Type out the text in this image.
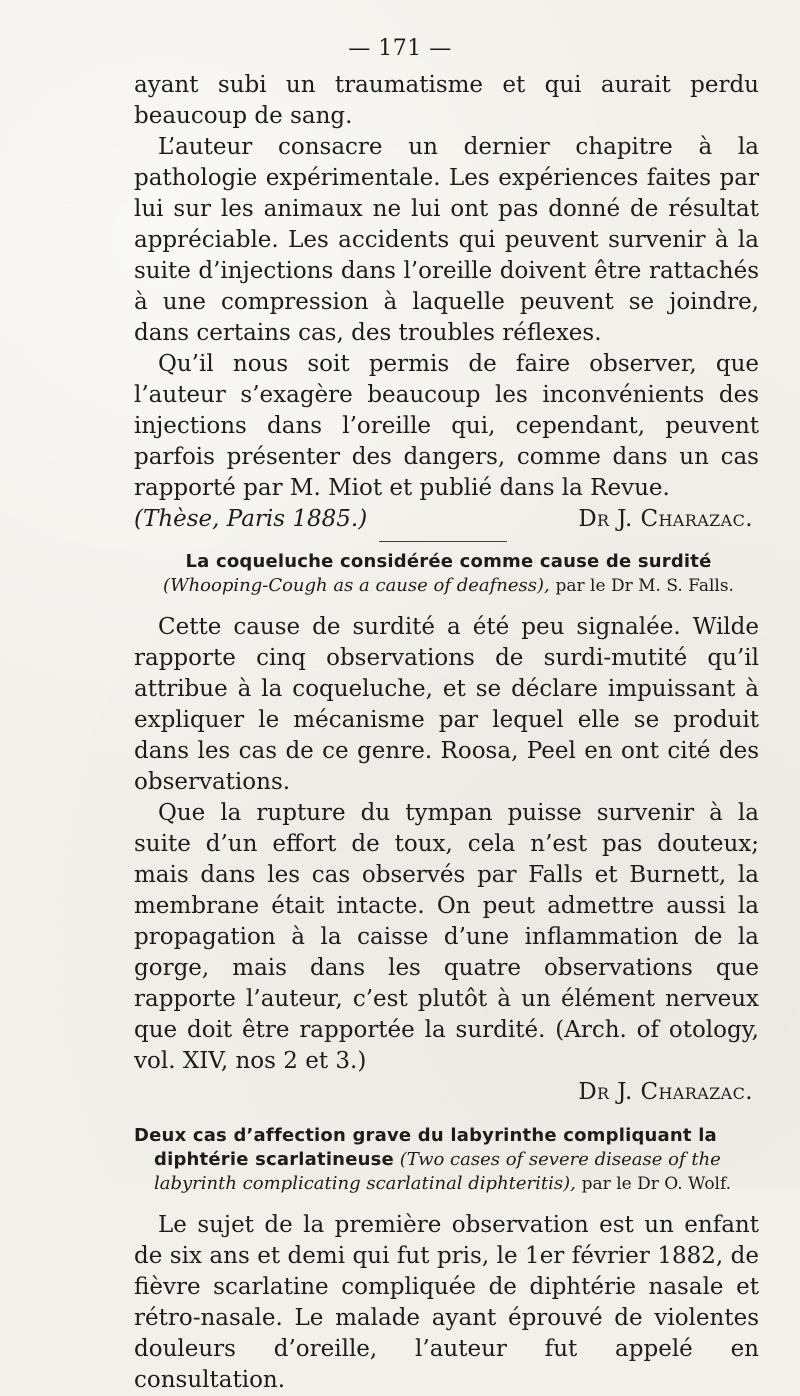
— 171 —

ayant subi un traumatisme et qui aurait perdu beaucoup de sang.

L’auteur consacre un dernier chapitre à la pathologie expérimentale. Les expériences faites par lui sur les animaux ne lui ont pas donné de résultat appréciable. Les accidents qui peuvent survenir à la suite d’injections dans l’oreille doivent être rattachés à une compression à laquelle peuvent se joindre, dans certains cas, des troubles réflexes.

Qu’il nous soit permis de faire observer, que l’auteur s’exagère beaucoup les inconvénients des injections dans l’oreille qui, cependant, peuvent parfois présenter des dangers, comme dans un cas rapporté par M. Miot et publié dans la Revue.

(Thèse, Paris 1885.)	Dr J. Charazac.
La coqueluche considérée comme cause de surdité (Whooping-Cough as a cause of deafness), par le Dr M. S. Falls.

Cette cause de surdité a été peu signalée. Wilde rapporte cinq observations de surdi-mutité qu’il attribue à la coqueluche, et se déclare impuissant à expliquer le mécanisme par lequel elle se produit dans les cas de ce genre. Roosa, Peel en ont cité des observations.

Que la rupture du tympan puisse survenir à la suite d’un effort de toux, cela n’est pas douteux; mais dans les cas observés par Falls et Burnett, la membrane était intacte. On peut admettre aussi la propagation à la caisse d’une inflammation de la gorge, mais dans les quatre observations que rapporte l’auteur, c’est plutôt à un élément nerveux que doit être rapportée la surdité. (Arch. of otology, vol. XIV, nos 2 et 3.)

Dr J. Charazac.
Deux cas d’affection grave du labyrinthe compliquant la
diphtérie scarlatineuse (Two cases of severe disease of the labyrinth complicating scarlatinal diphteritis), par le Dr O. Wolf.

Le sujet de la première observation est un enfant de six ans et demi qui fut pris, le 1er février 1882, de fièvre scarlatine compliquée de diphtérie nasale et rétro-nasale. Le malade ayant éprouvé de violentes douleurs d’oreille, l’auteur fut appelé en consultation.
